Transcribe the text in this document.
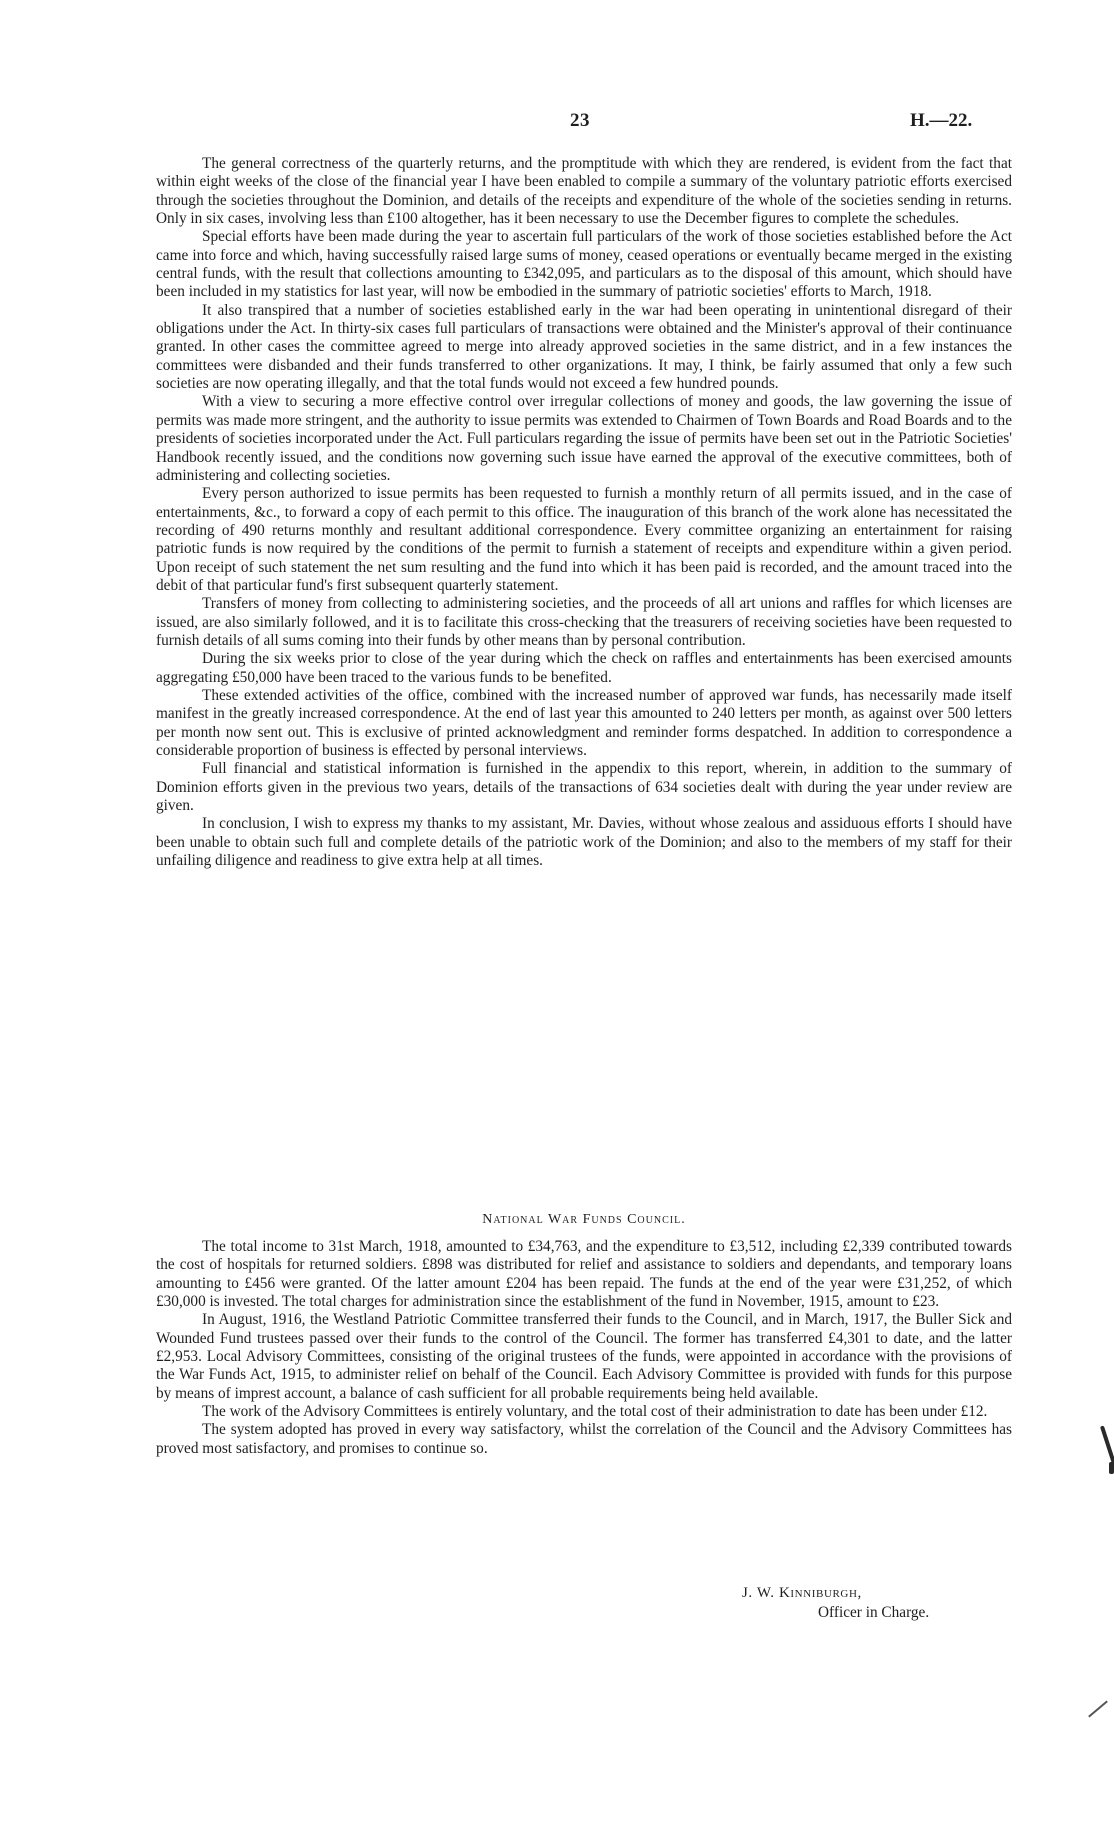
23	H.—22.

The general correctness of the quarterly returns, and the promptitude with which they are rendered, is evident from the fact that within eight weeks of the close of the financial year I have been enabled to compile a summary of the voluntary patriotic efforts exercised through the societies throughout the Dominion, and details of the receipts and expenditure of the whole of the societies sending in returns. Only in six cases, involving less than £100 altogether, has it been necessary to use the December figures to complete the schedules.

Special efforts have been made during the year to ascertain full particulars of the work of those societies established before the Act came into force and which, having successfully raised large sums of money, ceased operations or eventually became merged in the existing central funds, with the result that collections amounting to £342,095, and particulars as to the disposal of this amount, which should have been included in my statistics for last year, will now be embodied in the summary of patriotic societies' efforts to March, 1918.

It also transpired that a number of societies established early in the war had been operating in unintentional disregard of their obligations under the Act. In thirty-six cases full particulars of transactions were obtained and the Minister's approval of their continuance granted. In other cases the committee agreed to merge into already approved societies in the same district, and in a few instances the committees were disbanded and their funds transferred to other organizations. It may, I think, be fairly assumed that only a few such societies are now operating illegally, and that the total funds would not exceed a few hundred pounds.

With a view to securing a more effective control over irregular collections of money and goods, the law governing the issue of permits was made more stringent, and the authority to issue permits was extended to Chairmen of Town Boards and Road Boards and to the presidents of societies incorporated under the Act. Full particulars regarding the issue of permits have been set out in the Patriotic Societies' Handbook recently issued, and the conditions now governing such issue have earned the approval of the executive committees, both of administering and collecting societies.

Every person authorized to issue permits has been requested to furnish a monthly return of all permits issued, and in the case of entertainments, &c., to forward a copy of each permit to this office. The inauguration of this branch of the work alone has necessitated the recording of 490 returns monthly and resultant additional correspondence. Every committee organizing an entertainment for raising patriotic funds is now required by the conditions of the permit to furnish a statement of receipts and expenditure within a given period. Upon receipt of such statement the net sum resulting and the fund into which it has been paid is recorded, and the amount traced into the debit of that particular fund's first subsequent quarterly statement.

Transfers of money from collecting to administering societies, and the proceeds of all art unions and raffles for which licenses are issued, are also similarly followed, and it is to facilitate this cross-checking that the treasurers of receiving societies have been requested to furnish details of all sums coming into their funds by other means than by personal contribution.

During the six weeks prior to close of the year during which the check on raffles and entertainments has been exercised amounts aggregating £50,000 have been traced to the various funds to be benefited.

These extended activities of the office, combined with the increased number of approved war funds, has necessarily made itself manifest in the greatly increased correspondence. At the end of last year this amounted to 240 letters per month, as against over 500 letters per month now sent out. This is exclusive of printed acknowledgment and reminder forms despatched. In addition to correspondence a considerable proportion of business is effected by personal interviews.

Full financial and statistical information is furnished in the appendix to this report, wherein, in addition to the summary of Dominion efforts given in the previous two years, details of the transactions of 634 societies dealt with during the year under review are given.

In conclusion, I wish to express my thanks to my assistant, Mr. Davies, without whose zealous and assiduous efforts I should have been unable to obtain such full and complete details of the patriotic work of the Dominion; and also to the members of my staff for their unfailing diligence and readiness to give extra help at all times.

National War Funds Council.

The total income to 31st March, 1918, amounted to £34,763, and the expenditure to £3,512, including £2,339 contributed towards the cost of hospitals for returned soldiers. £898 was distributed for relief and assistance to soldiers and dependants, and temporary loans amounting to £456 were granted. Of the latter amount £204 has been repaid. The funds at the end of the year were £31,252, of which £30,000 is invested. The total charges for administration since the establishment of the fund in November, 1915, amount to £23.

In August, 1916, the Westland Patriotic Committee transferred their funds to the Council, and in March, 1917, the Buller Sick and Wounded Fund trustees passed over their funds to the control of the Council. The former has transferred £4,301 to date, and the latter £2,953. Local Advisory Committees, consisting of the original trustees of the funds, were appointed in accordance with the provisions of the War Funds Act, 1915, to administer relief on behalf of the Council. Each Advisory Committee is provided with funds for this purpose by means of imprest account, a balance of cash sufficient for all probable requirements being held available.

The work of the Advisory Committees is entirely voluntary, and the total cost of their administration to date has been under £12.

The system adopted has proved in every way satisfactory, whilst the correlation of the Council and the Advisory Committees has proved most satisfactory, and promises to continue so.

J. W. Kinniburgh,
Officer in Charge.
